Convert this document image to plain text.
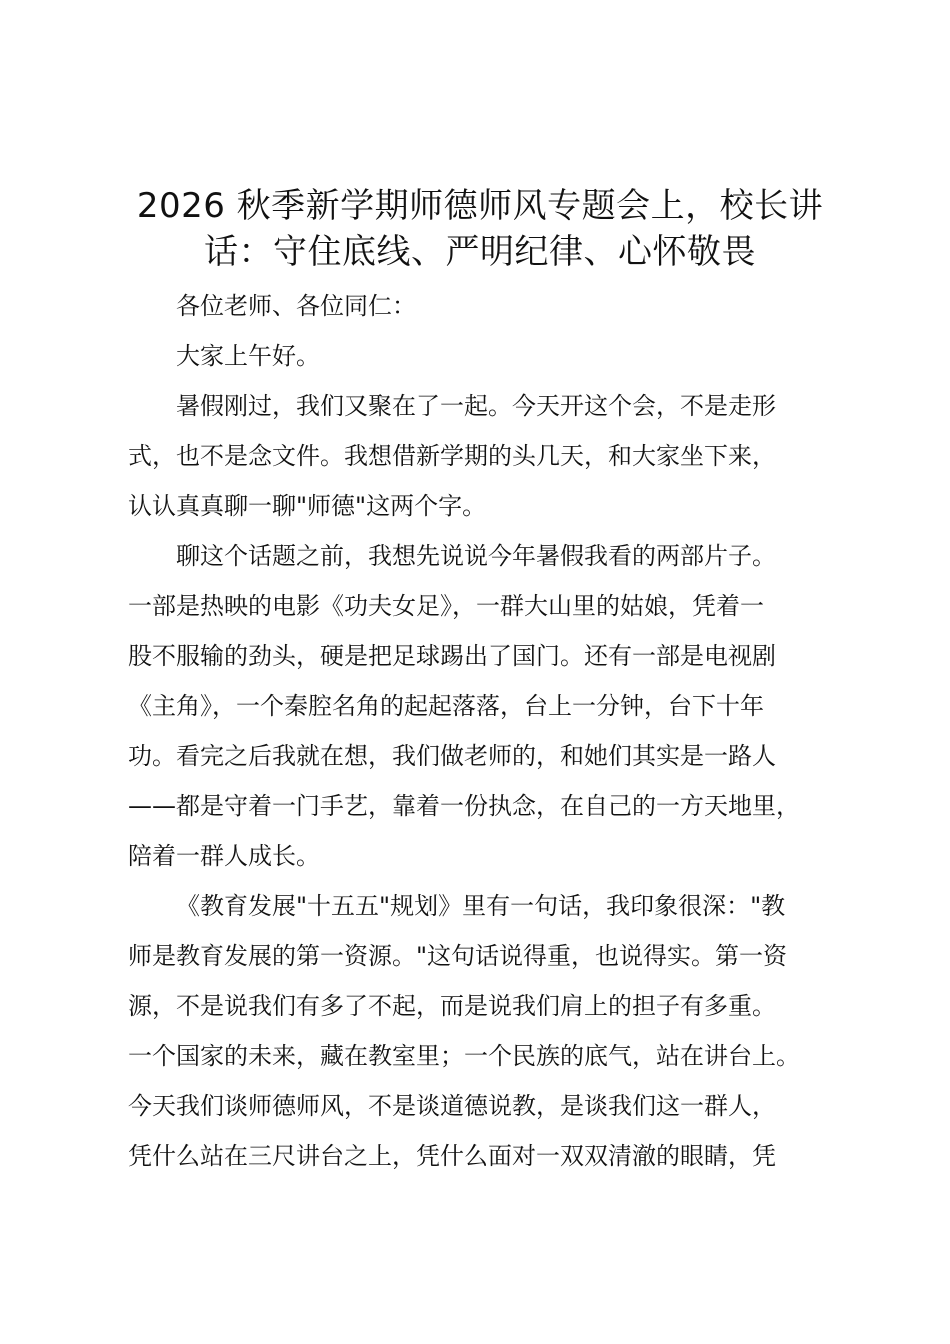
2026 秋季新学期师德师风专题会上，校长讲
话：守住底线、严明纪律、心怀敬畏
各位老师、各位同仁：
大家上午好。
暑假刚过，我们又聚在了一起。今天开这个会，不是走形
式，也不是念文件。我想借新学期的头几天，和大家坐下来，
认认真真聊一聊"师德"这两个字。
聊这个话题之前，我想先说说今年暑假我看的两部片子。
一部是热映的电影《功夫女足》，一群大山里的姑娘，凭着一
股不服输的劲头，硬是把足球踢出了国门。还有一部是电视剧
《主角》，一个秦腔名角的起起落落，台上一分钟，台下十年
功。看完之后我就在想，我们做老师的，和她们其实是一路人
——都是守着一门手艺，靠着一份执念，在自己的一方天地里，
陪着一群人成长。
《教育发展"十五五"规划》里有一句话，我印象很深："教
师是教育发展的第一资源。"这句话说得重，也说得实。第一资
源，不是说我们有多了不起，而是说我们肩上的担子有多重。
一个国家的未来，藏在教室里；一个民族的底气，站在讲台上。
今天我们谈师德师风，不是谈道德说教，是谈我们这一群人，
凭什么站在三尺讲台之上，凭什么面对一双双清澈的眼睛，凭
